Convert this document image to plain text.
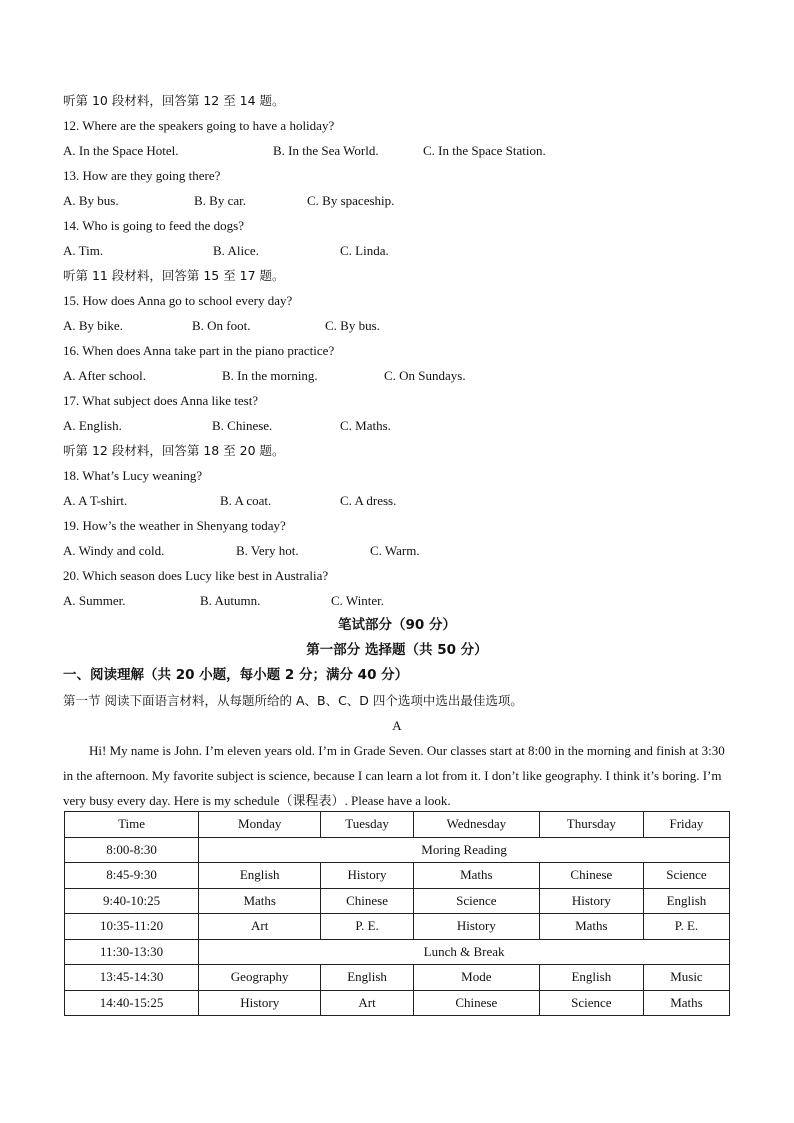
听第 10 段材料，回答第 12 至 14 题。
12. Where are the speakers going to have a holiday?
A. In the Space Hotel.	B. In the Sea World.	C. In the Space Station.
13. How are they going there?
A. By bus.	B. By car.	C. By spaceship.
14. Who is going to feed the dogs?
A. Tim.	B. Alice.	C. Linda.
听第 11 段材料，回答第 15 至 17 题。
15. How does Anna go to school every day?
A. By bike.	B. On foot.	C. By bus.
16. When does Anna take part in the piano practice?
A. After school.	B. In the morning.	C. On Sundays.
17. What subject does Anna like test?
A. English.	B. Chinese.	C. Maths.
听第 12 段材料，回答第 18 至 20 题。
18. What’s Lucy weaning?
A. A T-shirt.	B. A coat.	C. A dress.
19. How’s the weather in Shenyang today?
A. Windy and cold.	B. Very hot.	C. Warm.
20. Which season does Lucy like best in Australia?
A. Summer.	B. Autumn.	C. Winter.
笔试部分（90 分）
第一部分 选择题（共 50 分）
一、阅读理解（共 20 小题，每小题 2 分；满分 40 分）
第一节 阅读下面语言材料，从每题所给的 A、B、C、D 四个选项中选出最佳选项。
A
Hi! My name is John. I’m eleven years old. I’m in Grade Seven. Our classes start at 8:00 in the morning and finish at 3:30 in the afternoon. My favorite subject is science, because I can learn a lot from it. I don’t like geography. I think it’s boring. I’m very busy every day. Here is my schedule（课程表）. Please have a look.
Time	Monday	Tuesday	Wednesday	Thursday	Friday
8:00-8:30	Moring Reading				
8:45-9:30	English	History	Maths	Chinese	Science
9:40-10:25	Maths	Chinese	Science	History	English
10:35-11:20	Art	P. E.	History	Maths	P. E.
11:30-13:30	Lunch & Break				
13:45-14:30	Geography	English	Mode	English	Music
14:40-15:25	History	Art	Chinese	Science	Maths
